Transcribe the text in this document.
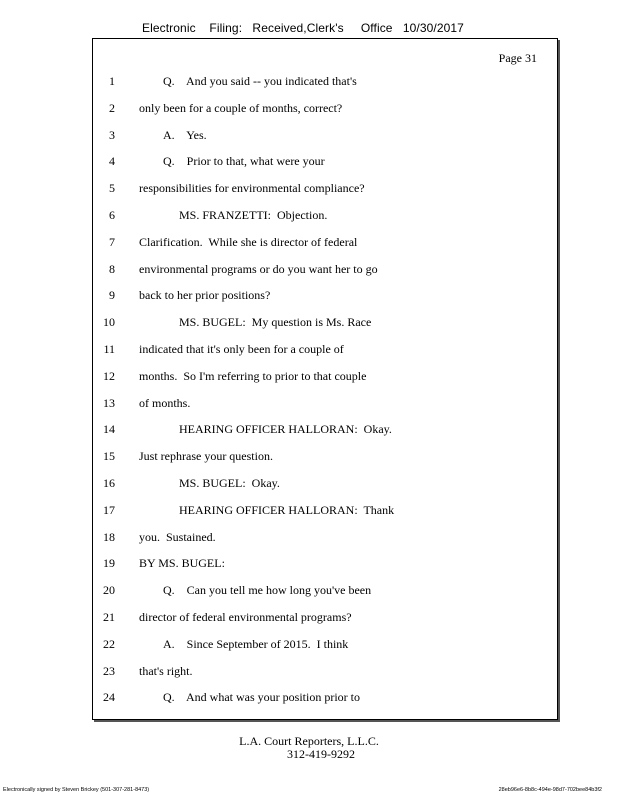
Electronic    Filing:   Received,Clerk's     Office   10/30/2017
Page 31
1	Q.    And you said -- you indicated that's
2 only been for a couple of months, correct?
3	A.    Yes.
4	Q.    Prior to that, what were your
5 responsibilities for environmental compliance?
6	MS. FRANZETTI:  Objection.
7 Clarification.  While she is director of federal
8 environmental programs or do you want her to go
9 back to her prior positions?
10	MS. BUGEL:  My question is Ms. Race
11 indicated that it's only been for a couple of
12 months.  So I'm referring to prior to that couple
13 of months.
14	HEARING OFFICER HALLORAN:  Okay.
15 Just rephrase your question.
16	MS. BUGEL:  Okay.
17	HEARING OFFICER HALLORAN:  Thank
18 you.  Sustained.
19 BY MS. BUGEL:
20	Q.    Can you tell me how long you've been
21 director of federal environmental programs?
22	A.    Since September of 2015.  I think
23 that's right.
24	Q.    And what was your position prior to
L.A. Court Reporters, L.L.C.
312-419-9292
Electronically signed by Steven Brickey (501-307-281-8473)	28eb96e6-8b8c-494e-98d7-702bee84b3f2
